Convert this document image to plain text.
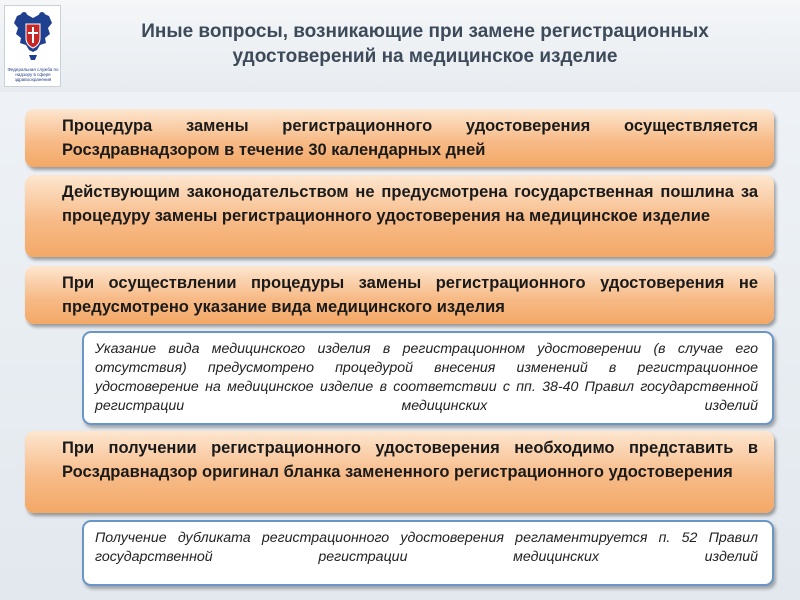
Федеральная служба по надзору в сфере здравоохранения
Иные вопросы, возникающие при замене регистрационных удостоверений на медицинское изделие
Процедура замены регистрационного удостоверения осуществляется Росздравнадзором в течение 30 календарных дней
Действующим законодательством не предусмотрена государственная пошлина за процедуру замены регистрационного удостоверения на медицинское изделие
При осуществлении процедуры замены регистрационного удостоверения не предусмотрено указание вида медицинского изделия
Указание вида медицинского изделия в регистрационном удостоверении (в случае его отсутствия) предусмотрено процедурой внесения изменений в регистрационное удостоверение на медицинское изделие в соответствии с пп. 38-40 Правил государственной регистрации медицинских изделий
При получении регистрационного удостоверения необходимо представить в Росздравнадзор оригинал бланка замененного регистрационного удостоверения
Получение дубликата регистрационного удостоверения регламентируется п. 52 Правил государственной регистрации медицинских изделий
